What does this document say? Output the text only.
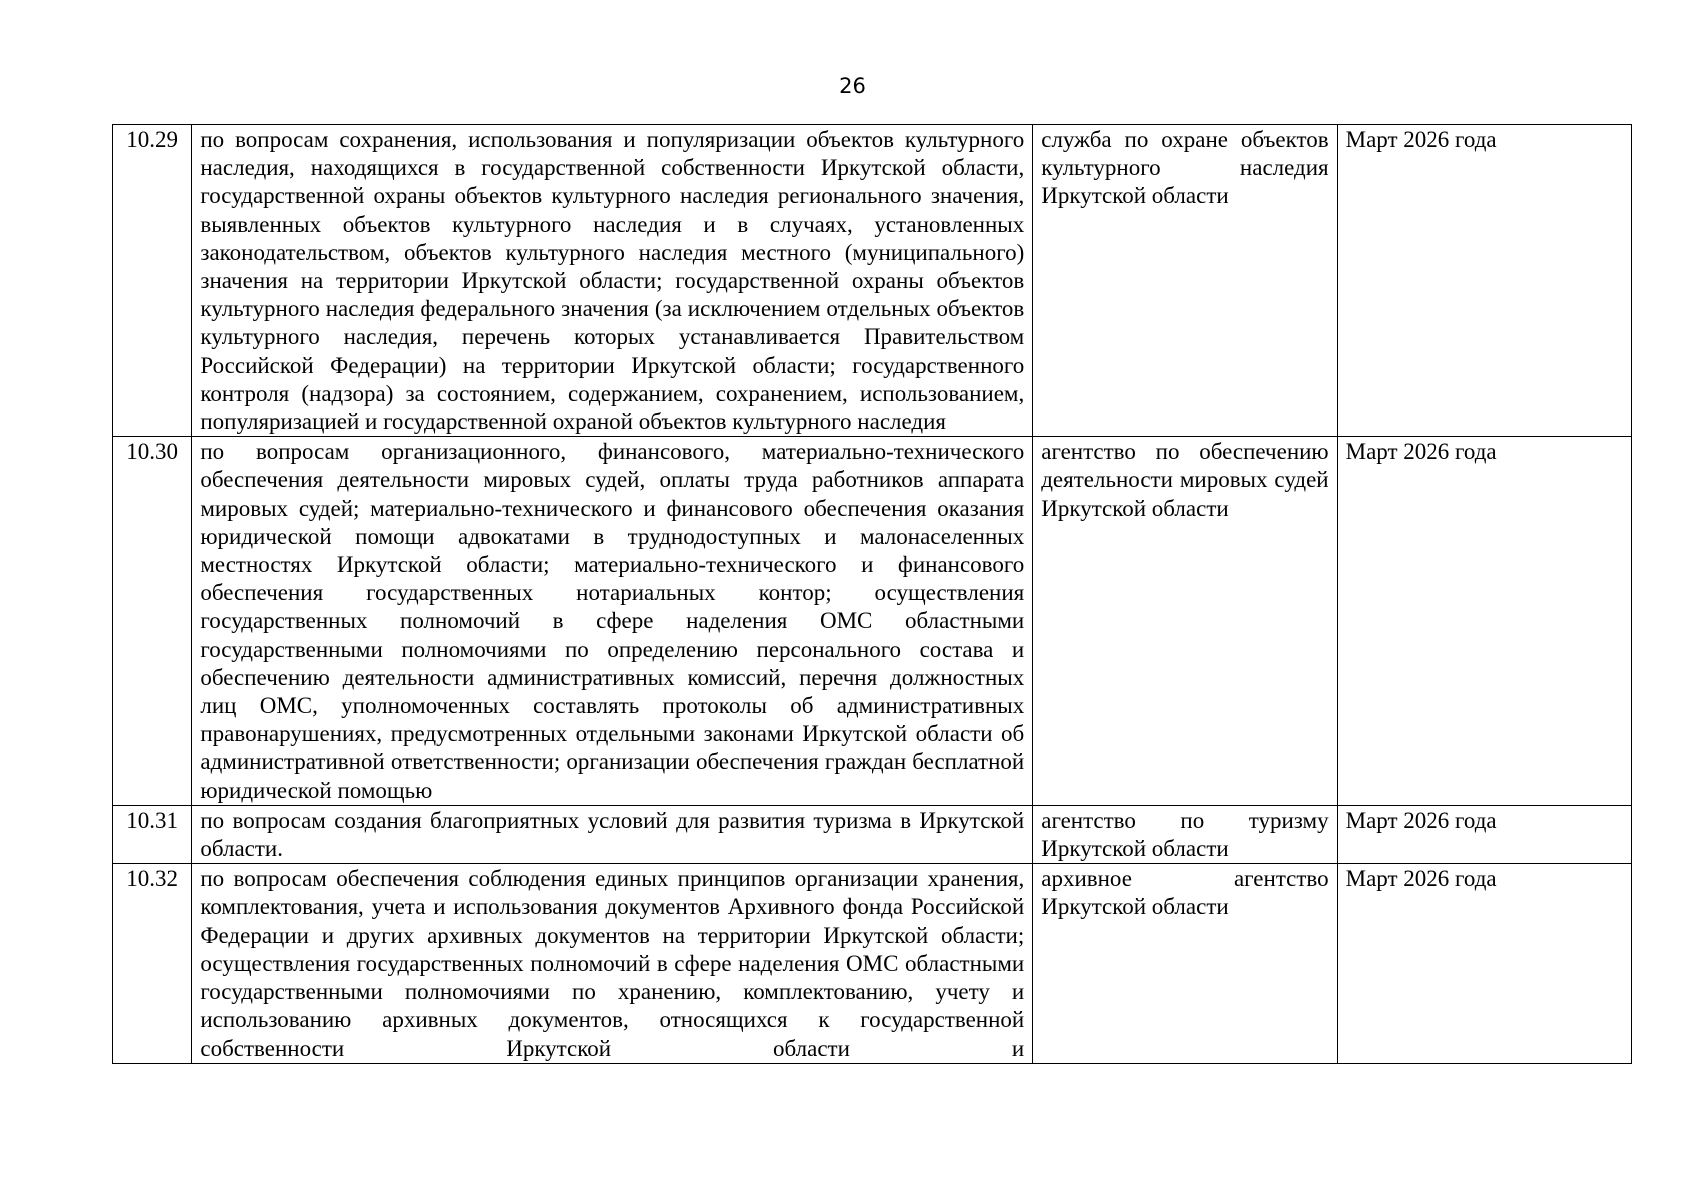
26
10.29	по вопросам сохранения, использования и популяризации объектов культурного наследия, находящихся в государственной собственности Иркутской области, государственной охраны объектов культурного наследия регионального значения, выявленных объектов культурного наследия и в случаях, установленных законодательством, объектов культурного наследия местного (муниципального) значения на территории Иркутской области; государственной охраны объектов культурного наследия федерального значения (за исключением отдельных объектов культурного наследия, перечень которых устанавливается Правительством Российской Федерации) на территории Иркутской области; государственного контроля (надзора) за состоянием, содержанием, сохранением, использованием, популяризацией и государственной охраной объектов культурного наследия	служба по охране объектов культурного наследия Иркутской области	Март 2026 года
10.30	по вопросам организационного, финансового, материально-технического обеспечения деятельности мировых судей, оплаты труда работников аппарата мировых судей; материально-технического и финансового обеспечения оказания юридической помощи адвокатами в труднодоступных и малонаселенных местностях Иркутской области; материально-технического и финансового обеспечения государственных нотариальных контор; осуществления государственных полномочий в сфере наделения ОМС областными государственными полномочиями по определению персонального состава и обеспечению деятельности административных комиссий, перечня должностных лиц ОМС, уполномоченных составлять протоколы об административных правонарушениях, предусмотренных отдельными законами Иркутской области об административной ответственности; организации обеспечения граждан бесплатной юридической помощью	агентство по обеспечению деятельности мировых судей Иркутской области	Март 2026 года
10.31	по вопросам создания благоприятных условий для развития туризма в Иркутской области.	агентство по туризму Иркутской области	Март 2026 года
10.32	по вопросам обеспечения соблюдения единых принципов организации хранения, комплектования, учета и использования документов Архивного фонда Российской Федерации и других архивных документов на территории Иркутской области; осуществления государственных полномочий в сфере наделения ОМС областными государственными полномочиями по хранению, комплектованию, учету и использованию архивных документов, относящихся к государственной собственности Иркутской области и	архивное агентство Иркутской области	Март 2026 года
